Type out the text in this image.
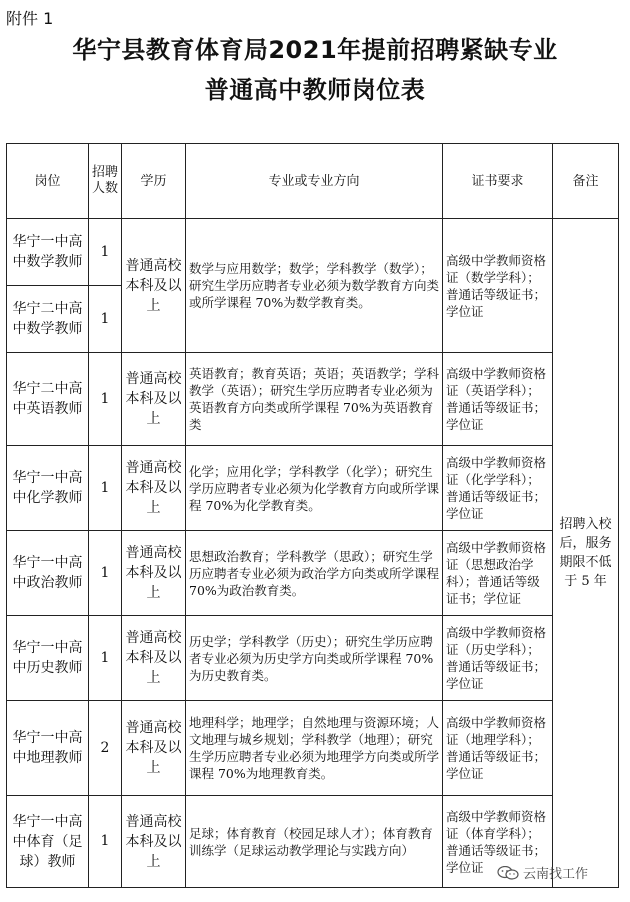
附件 1
华宁县教育体育局2021年提前招聘紧缺专业
普通高中教师岗位表
岗位	招聘人数	学历	专业或专业方向	证书要求	备注
华宁一中高中数学教师	1	普通高校本科及以上	数学与应用数学；数学；学科教学（数学）；研究生学历应聘者专业必须为数学教育方向类或所学课程 70%为数学教育类。	高级中学教师资格证（数学学科）；普通话等级证书；学位证	招聘入校后，服务期限不低于 5 年
华宁二中高中数学教师	1				
华宁二中高中英语教师	1	普通高校本科及以上	英语教育；教育英语；英语；英语教学；学科教学（英语）；研究生学历应聘者专业必须为英语教育方向类或所学课程 70%为英语教育类	高级中学教师资格证（英语学科）；普通话等级证书；学位证	
华宁一中高中化学教师	1	普通高校本科及以上	化学；应用化学；学科教学（化学）；研究生学历应聘者专业必须为化学教育方向或所学课程 70%为化学教育类。	高级中学教师资格证（化学学科）；普通话等级证书；学位证	
华宁一中高中政治教师	1	普通高校本科及以上	思想政治教育；学科教学（思政）；研究生学历应聘者专业必须为政治学方向类或所学课程 70%为政治教育类。	高级中学教师资格证（思想政治学科）；普通话等级证书；学位证	
华宁一中高中历史教师	1	普通高校本科及以上	历史学；学科教学（历史）；研究生学历应聘者专业必须为历史学方向类或所学课程 70%为历史教育类。	高级中学教师资格证（历史学科）；普通话等级证书；学位证	
华宁一中高中地理教师	2	普通高校本科及以上	地理科学；地理学；自然地理与资源环境；人文地理与城乡规划；学科教学（地理）；研究生学历应聘者专业必须为地理学方向类或所学课程 70%为地理教育类。	高级中学教师资格证（地理学科）；普通话等级证书；学位证	
华宁一中高中体育（足球）教师	1	普通高校本科及以上	足球；体育教育（校园足球人才）；体育教育训练学（足球运动教学理论与实践方向）	高级中学教师资格证（体育学科）；普通话等级证书；学位证		云南找工作
